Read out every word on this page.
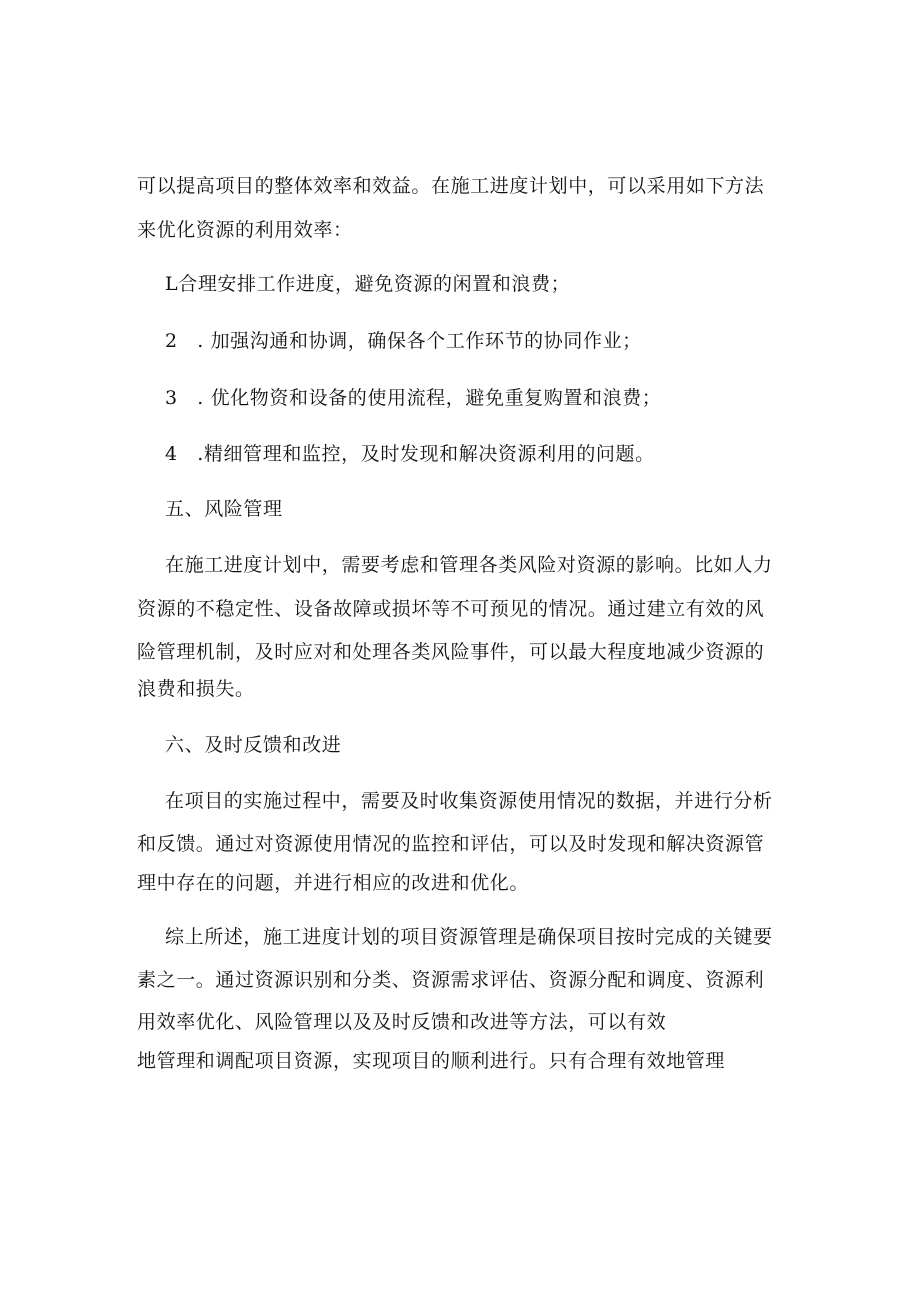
可以提高项目的整体效率和效益。在施工进度计划中，可以采用如下方法
来优化资源的利用效率：
L合理安排工作进度，避免资源的闲置和浪费；
2　. 加强沟通和协调，确保各个工作环节的协同作业；
3　. 优化物资和设备的使用流程，避免重复购置和浪费；
4　.精细管理和监控，及时发现和解决资源利用的问题。
五、风险管理
在施工进度计划中，需要考虑和管理各类风险对资源的影响。比如人力
资源的不稳定性、设备故障或损坏等不可预见的情况。通过建立有效的风
险管理机制，及时应对和处理各类风险事件，可以最大程度地减少资源的
浪费和损失。
六、及时反馈和改进
在项目的实施过程中，需要及时收集资源使用情况的数据，并进行分析
和反馈。通过对资源使用情况的监控和评估，可以及时发现和解决资源管
理中存在的问题，并进行相应的改进和优化。
综上所述，施工进度计划的项目资源管理是确保项目按时完成的关键要
素之一。通过资源识别和分类、资源需求评估、资源分配和调度、资源利
用效率优化、风险管理以及及时反馈和改进等方法，可以有效
地管理和调配项目资源，实现项目的顺利进行。只有合理有效地管理
